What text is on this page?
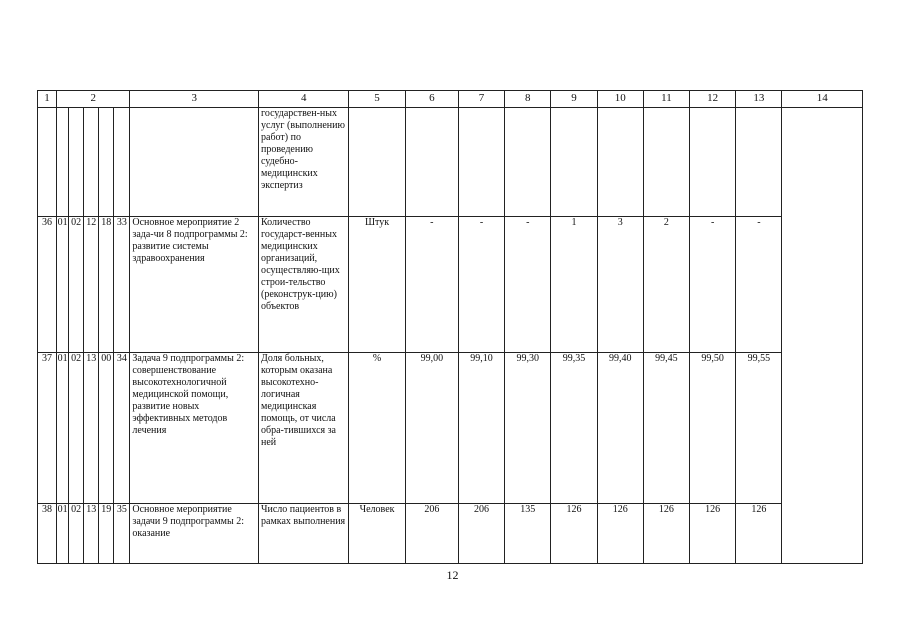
1	2					3	4	5	6	7	8	9	10	11	12	13	14
							государствен-ных услуг (выполнению работ) по проведению судебно-медицинских экспертиз										
36	01	02	12	18	33	Основное мероприятие 2 зада-чи 8 подпрограммы 2: развитие системы здравоохранения	Количество государст-венных медицинских организаций, осуществляю-щих строи-тельство (реконструк-цию) объектов	Штук	-	-	-	1	3	2	-	-	
37	01	02	13	00	34	Задача 9 подпрограммы 2: совершенствование высокотехнологичной медицинской помощи, развитие новых эффективных методов лечения	Доля больных, которым оказана высокотехно-логичная медицинская помощь, от числа обра-тившихся за ней	%	99,00	99,10	99,30	99,35	99,40	99,45	99,50	99,55	
38	01	02	13	19	35	Основное мероприятие задачи 9 подпрограммы 2: оказание	Число пациентов в рамках выполнения	Человек	206	206	135	126	126	126	126	126	
12
